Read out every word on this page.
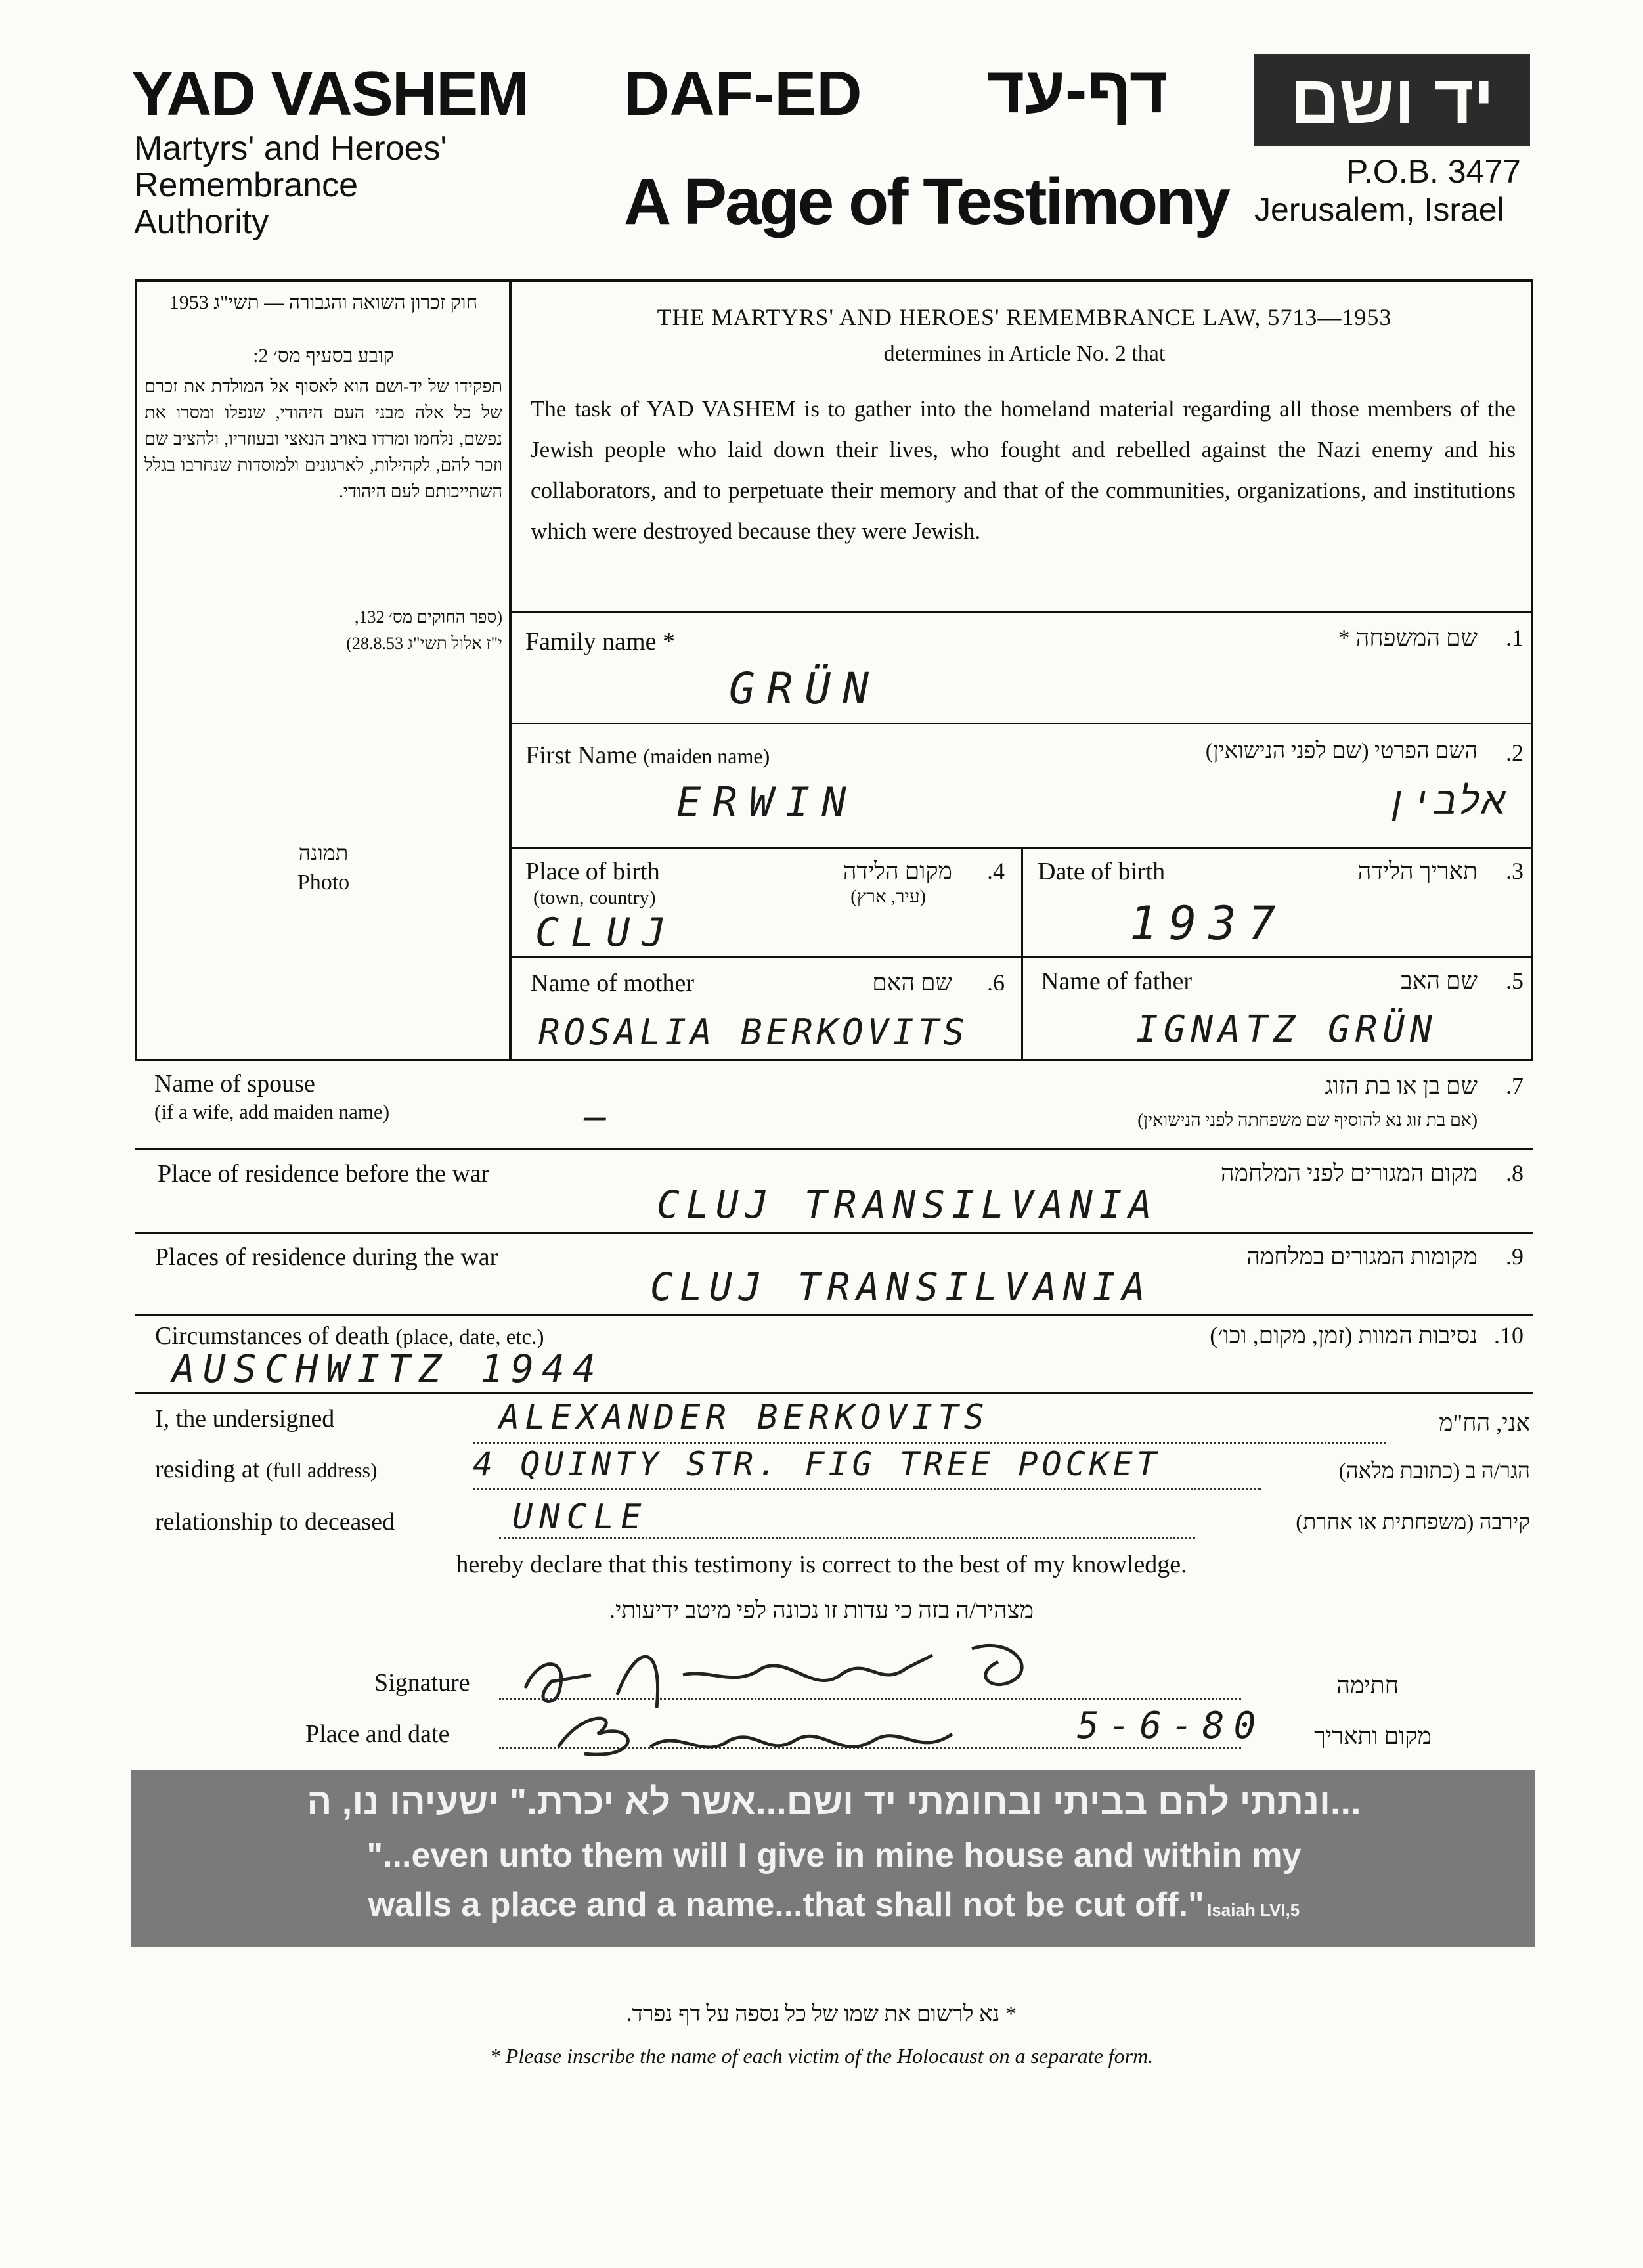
YAD VASHEM
Martyrs' and Heroes'
Remembrance
Authority
DAF-ED	דף-עד
A Page of Testimony
יד ושם
P.O.B. 3477
Jerusalem, Israel
חוק זכרון השואה והגבורה — תשי"ג 1953
קובע בסעיף מס׳ 2:
תפקידו של יד-ושם הוא לאסוף אל המולדת את זכרם של כל אלה מבני העם היהודי, שנפלו ומסרו את נפשם, נלחמו ומרדו באויב הנאצי ובעוזריו, ולהציב שם וזכר להם, לקהילות, לארגונים ולמוסדות שנחרבו בגלל השתייכותם לעם היהודי.
(ספר החוקים מס׳ 132,
י"ז אלול תשי"ג 28.8.53)
תמונה
Photo
THE MARTYRS' AND HEROES' REMEMBRANCE LAW, 5713—1953
determines in Article No. 2 that
The task of YAD VASHEM is to gather into the homeland material regarding all those members of the Jewish people who laid down their lives, who fought and rebelled against the Nazi enemy and his collaborators, and to perpetuate their memory and that of the communities, organizations, and institutions which were destroyed because they were Jewish.
Family name *	שם המשפחה *	.1
GRÜN
First Name (maiden name)	השם הפרטי (שם לפני הנישואין)	.2
ERWIN	אלבין
Place of birth
(town, country)
מקום הלידה
(עיר, ארץ)
.4
CLUJ
Date of birth	תאריך הלידה	.3
1937
Name of mother	שם האם	.6
ROSALIA BERKOVITS
Name of father	שם האב	.5
IGNATZ GRÜN
Name of spouse
(if a wife, add maiden name)
שם בן או בת הזוג
(אם בת זוג נא להוסיף שם משפחתה לפני הנישואין)
.7
—
Place of residence before the war	מקום המגורים לפני המלחמה	.8
CLUJ TRANSILVANIA
Places of residence during the war	מקומות המגורים במלחמה	.9
CLUJ TRANSILVANIA
Circumstances of death (place, date, etc.)	נסיבות המוות (זמן, מקום, וכו׳) .10
AUSCHWITZ 1944
I, the undersigned	ALEXANDER BERKOVITS	אני, הח"מ
residing at (full address)	4 QUINTY STR. FIG TREE POCKET	הגר/ה ב (כתובת מלאה)
relationship to deceased	UNCLE	קירבה (משפחתית או אחרת)
hereby declare that this testimony is correct to the best of my knowledge.
מצהיר/ה בזה כי עדות זו נכונה לפי מיטב ידיעותי.
Signature	חתימה
Place and date	5-6-80	מקום ותאריך
...ונתתי להם בביתי ובחומתי יד ושם...אשר לא יכרת." ישעיהו נו, ה
"...even unto them will I give in mine house and within my
walls a place and a name...that shall not be cut off." Isaiah LVI,5
* נא לרשום את שמו של כל נספה על דף נפרד.
* Please inscribe the name of each victim of the Holocaust on a separate form.
